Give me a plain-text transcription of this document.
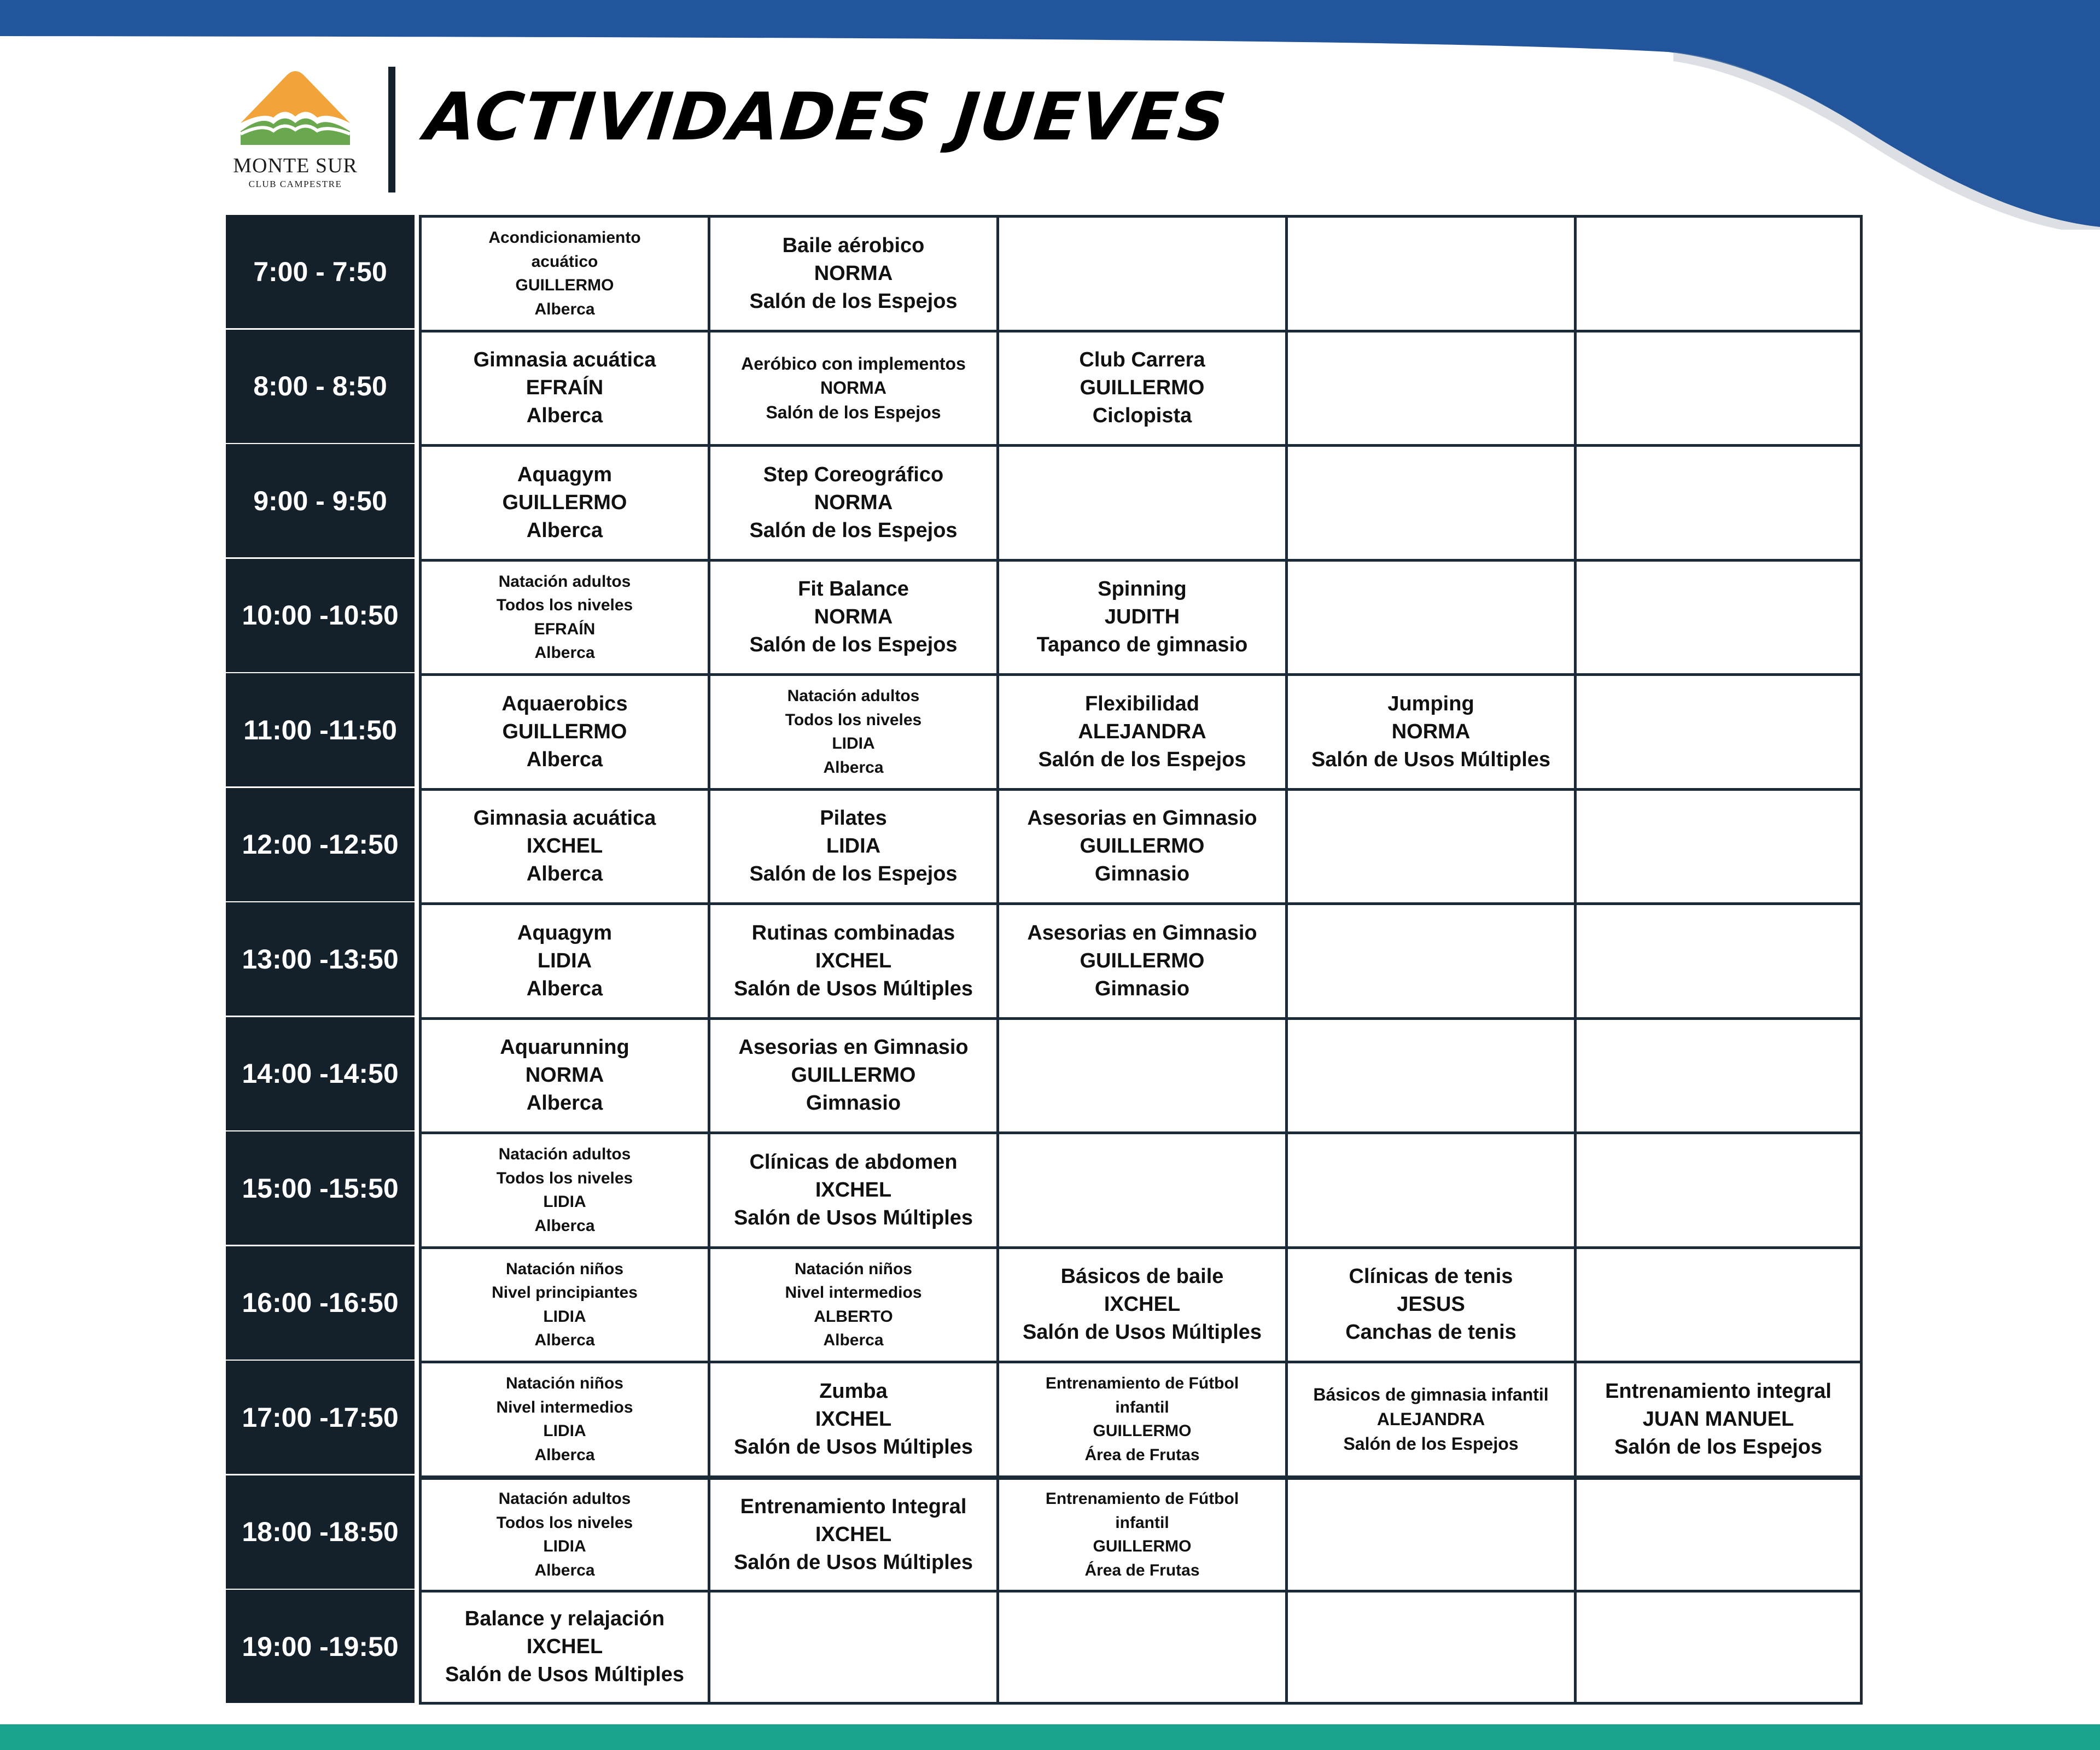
MONTE SUR
CLUB CAMPESTRE
ACTIVIDADES JUEVES
7:00 - 7:50
Acondicionamiento
acuático
GUILLERMO
Alberca
Baile aérobico
NORMA
Salón de los Espejos
8:00 - 8:50
Gimnasia acuática
EFRAÍN
Alberca
Aeróbico con implementos
NORMA
Salón de los Espejos
Club Carrera
GUILLERMO
Ciclopista
9:00 - 9:50
Aquagym
GUILLERMO
Alberca
Step Coreográfico
NORMA
Salón de los Espejos
10:00 -10:50
Natación adultos
Todos los niveles
EFRAÍN
Alberca
Fit Balance
NORMA
Salón de los Espejos
Spinning
JUDITH
Tapanco de gimnasio
11:00 -11:50
Aquaerobics
GUILLERMO
Alberca
Natación adultos
Todos los niveles
LIDIA
Alberca
Flexibilidad
ALEJANDRA
Salón de los Espejos
Jumping
NORMA
Salón de Usos Múltiples
12:00 -12:50
Gimnasia acuática
IXCHEL
Alberca
Pilates
LIDIA
Salón de los Espejos
Asesorias en Gimnasio
GUILLERMO
Gimnasio
13:00 -13:50
Aquagym
LIDIA
Alberca
Rutinas combinadas
IXCHEL
Salón de Usos Múltiples
Asesorias en Gimnasio
GUILLERMO
Gimnasio
14:00 -14:50
Aquarunning
NORMA
Alberca
Asesorias en Gimnasio
GUILLERMO
Gimnasio
15:00 -15:50
Natación adultos
Todos los niveles
LIDIA
Alberca
Clínicas de abdomen
IXCHEL
Salón de Usos Múltiples
16:00 -16:50
Natación niños
Nivel principiantes
LIDIA
Alberca
Natación niños
Nivel intermedios
ALBERTO
Alberca
Básicos de baile
IXCHEL
Salón de Usos Múltiples
Clínicas de tenis
JESUS
Canchas de tenis
17:00 -17:50
Natación niños
Nivel intermedios
LIDIA
Alberca
Zumba
IXCHEL
Salón de Usos Múltiples
Entrenamiento de Fútbol
infantil
GUILLERMO
Área de Frutas
Básicos de gimnasia infantil
ALEJANDRA
Salón de los Espejos
Entrenamiento integral
JUAN MANUEL
Salón de los Espejos
18:00 -18:50
Natación adultos
Todos los niveles
LIDIA
Alberca
Entrenamiento Integral
IXCHEL
Salón de Usos Múltiples
Entrenamiento de Fútbol
infantil
GUILLERMO
Área de Frutas
19:00 -19:50
Balance y relajación
IXCHEL
Salón de Usos Múltiples
